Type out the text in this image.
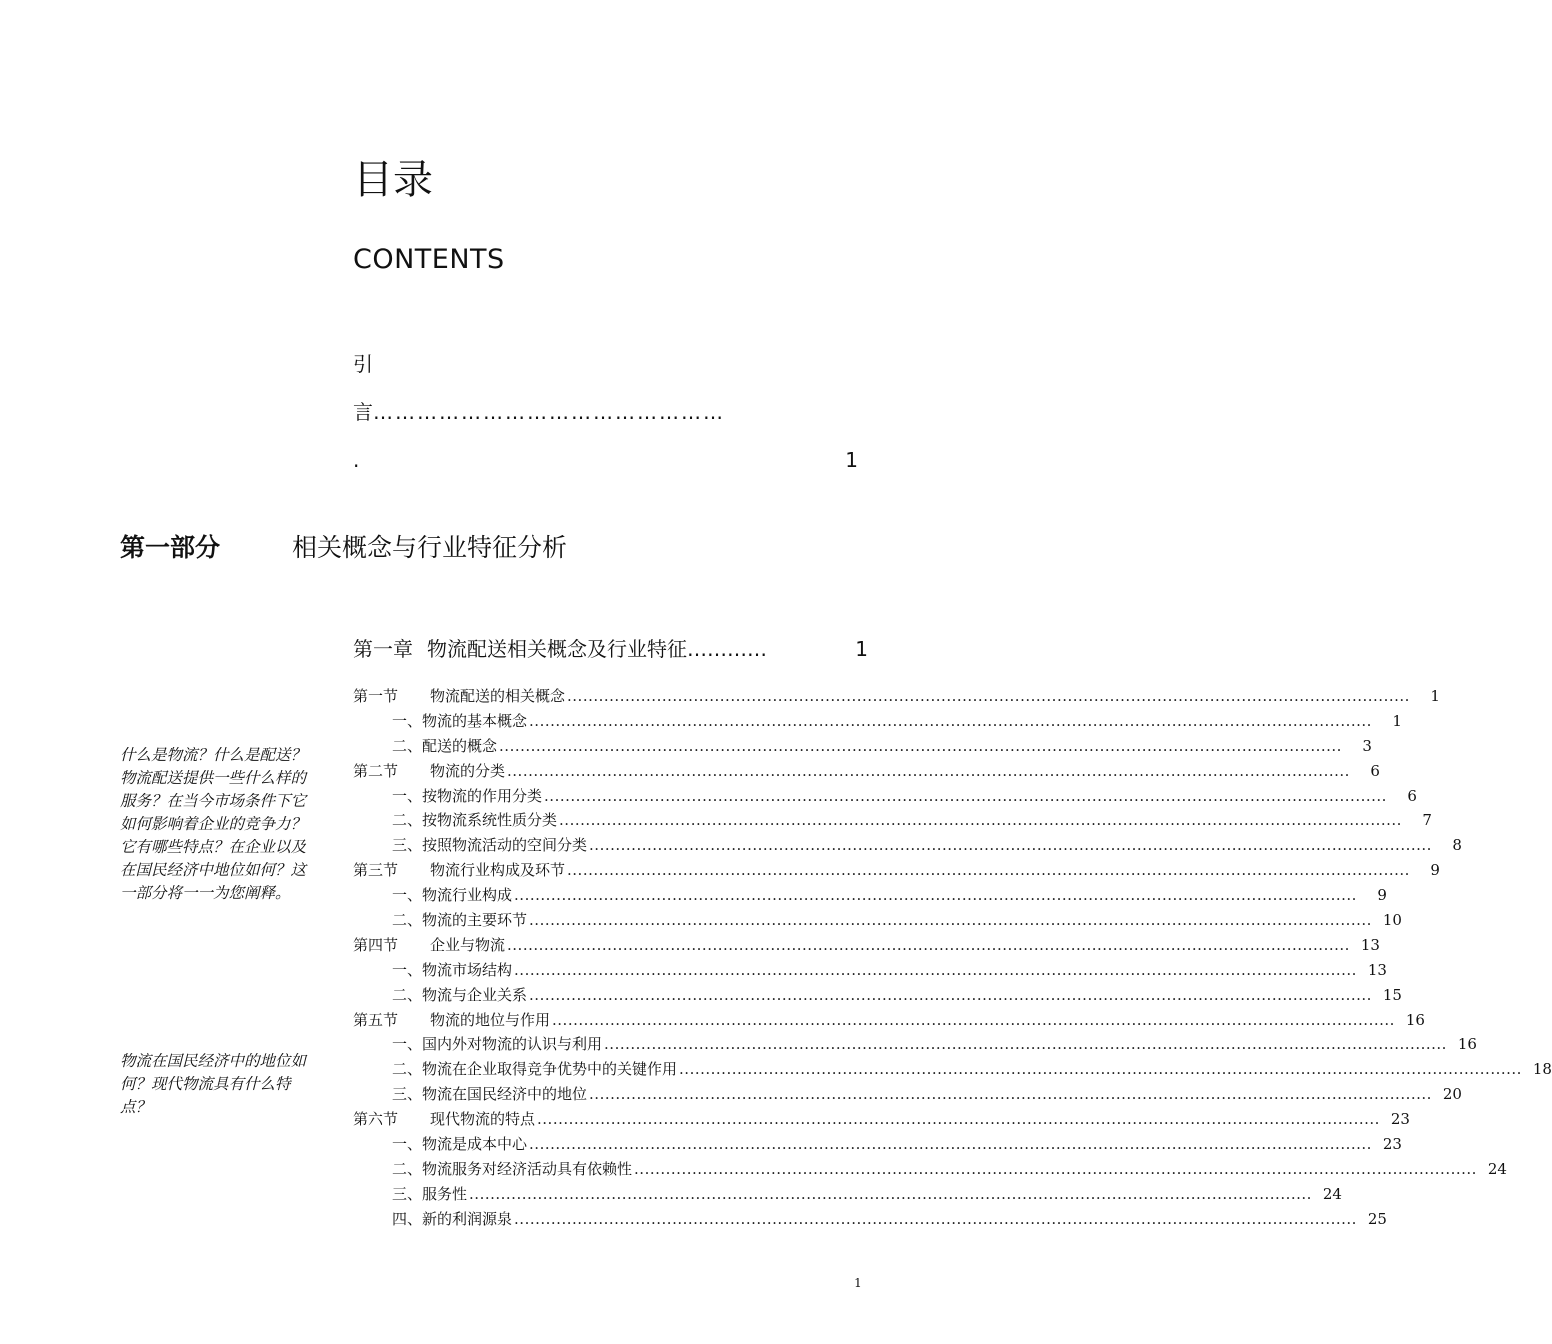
目录
CONTENTS
引
言…………………………………………
.	1
第一部分	相关概念与行业特征分析
第一章 物流配送相关概念及行业特征 …………	1
第一节	物流配送的相关概念 ................................................................................................................................................................	1
一、 物流的基本概念 ................................................................................................................................................................	1
二、 配送的概念 ................................................................................................................................................................	3
第二节	物流的分类 ................................................................................................................................................................	6
一、 按物流的作用分类 ................................................................................................................................................................	6
二、 按物流系统性质分类 ................................................................................................................................................................	7
三、 按照物流活动的空间分类 ................................................................................................................................................................	8
第三节	物流行业构成及环节 ................................................................................................................................................................	9
一、 物流行业构成 ................................................................................................................................................................	9
二、 物流的主要环节 ................................................................................................................................................................ 10
第四节	企业与物流 ................................................................................................................................................................ 13
一、 物流市场结构 ................................................................................................................................................................ 13
二、 物流与企业关系 ................................................................................................................................................................ 15
第五节	物流的地位与作用 ................................................................................................................................................................ 16
一、 国内外对物流的认识与利用 ................................................................................................................................................................ 16
二、 物流在企业取得竞争优势中的关键作用 ................................................................................................................................................................ 18
三、 物流在国民经济中的地位 ................................................................................................................................................................ 20
第六节	现代物流的特点 ................................................................................................................................................................ 23
一、 物流是成本中心 ................................................................................................................................................................ 23
二、 物流服务对经济活动具有依赖性 ................................................................................................................................................................ 24
三、 服务性 ................................................................................................................................................................ 24
四、 新的利润源泉 ................................................................................................................................................................ 25
什么是物流？什么是配送？物流配送提供一些什么样的服务？在当今市场条件下它如何影响着企业的竞争力？它有哪些特点？在企业以及在国民经济中地位如何？这一部分将一一为您阐释。
物流在国民经济中的地位如何？现代物流具有什么特点？
1
